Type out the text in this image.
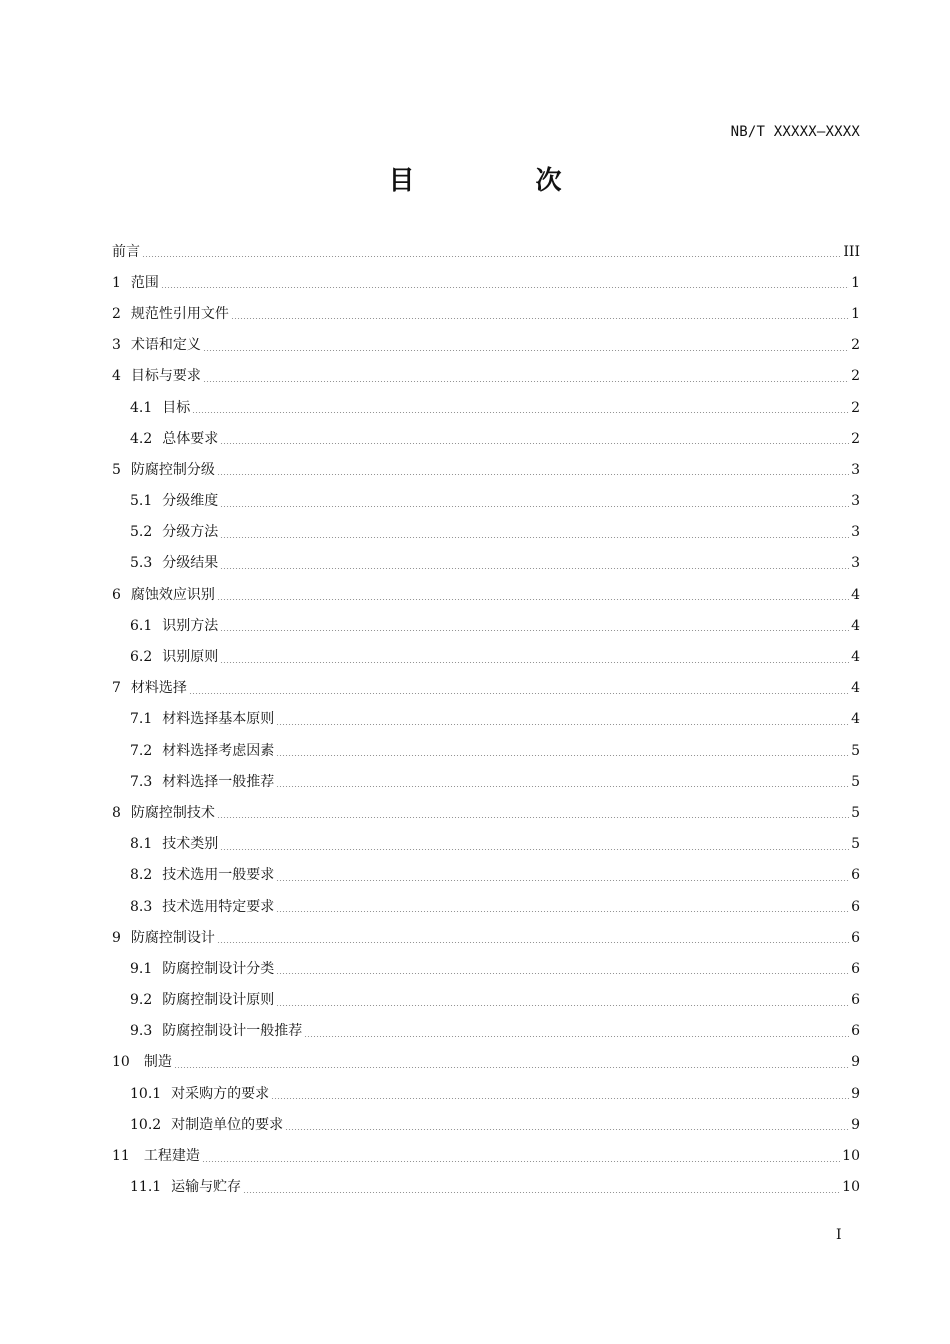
NB/T XXXXX—XXXX
目 次
前言	III
1 范围	1
2 规范性引用文件	1
3 术语和定义	2
4 目标与要求	2
4.1 目标	2
4.2 总体要求	2
5 防腐控制分级	3
5.1 分级维度	3
5.2 分级方法	3
5.3 分级结果	3
6 腐蚀效应识别	4
6.1 识别方法	4
6.2 识别原则	4
7 材料选择	4
7.1 材料选择基本原则	4
7.2 材料选择考虑因素	5
7.3 材料选择一般推荐	5
8 防腐控制技术	5
8.1 技术类别	5
8.2 技术选用一般要求	6
8.3 技术选用特定要求	6
9 防腐控制设计	6
9.1 防腐控制设计分类	6
9.2 防腐控制设计原则	6
9.3 防腐控制设计一般推荐	6
10 制造	9
10.1 对采购方的要求	9
10.2 对制造单位的要求	9
11 工程建造	10
11.1 运输与贮存	10
I
